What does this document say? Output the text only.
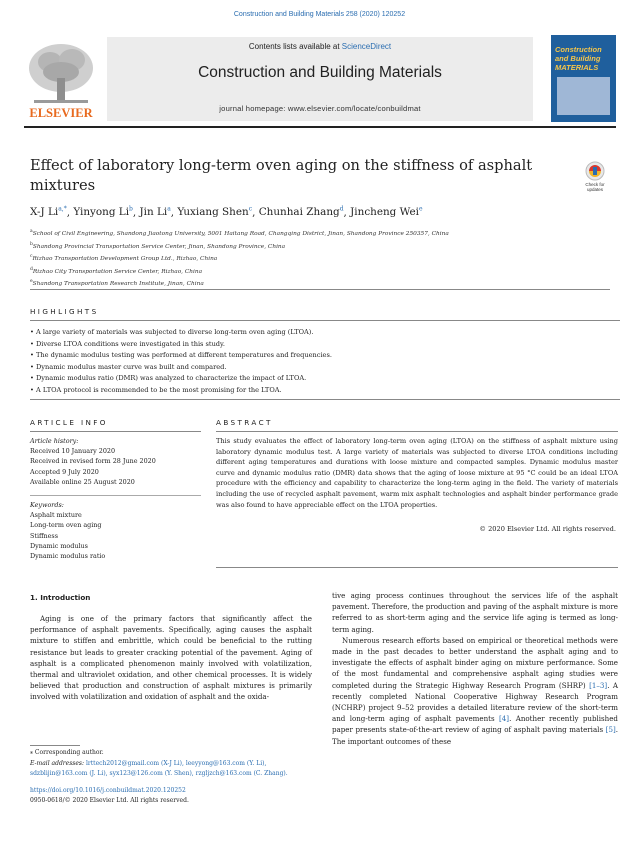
Construction and Building Materials 258 (2020) 120252
ELSEVIER
Contents lists available at ScienceDirect
Construction and Building Materials
journal homepage: www.elsevier.com/locate/conbuildmat
Construction and Building MATERIALS
Effect of laboratory long-term oven aging on the stiffness of asphalt mixtures	Check for updates
X-J $Li^{a,*}$, Yinyong Li$^b$, Jin Li$^a$, Yuxiang Shen$^c$, Chunhai Zhang$^d$, Jincheng Wei$^e$
$^a$School of Civil Engineering, Shandong Jiaotong University, 5001 Haitang Road, Changqing District, Jinan, Shandong Province 250357, China
$^b$Shandong Provincial Transportation Service Center, Jinan, Shandong Province, China
$^c$Rizhao Transportation Development Group Ltd., Rizhao, China
$^d$Rizhao City Transportation Service Center, Rizhao, China
$^e$Shandong Transportation Research Institute, Jinan, China
HIGHLIGHTS
• A large variety of materials was subjected to diverse long-term oven aging (LTOA).
• Diverse LTOA conditions were investigated in this study.
• The dynamic modulus testing was performed at different temperatures and frequencies.
• Dynamic modulus master curve was built and compared.
• Dynamic modulus ratio (DMR) was analyzed to characterize the impact of LTOA.
• A LTOA protocol is recommended to be the most promising for the LTOA.
ARTICLE INFO	ABSTRACT
Article history:
Received 10 January 2020
Received in revised form 28 June 2020
Accepted 9 July 2020
Available online 25 August 2020
Keywords:
Asphalt mixture
Long-term oven aging
Stiffness
Dynamic modulus
Dynamic modulus ratio
This study evaluates the effect of laboratory long-term oven aging (LTOA) on the stiffness of asphalt mixture using laboratory dynamic modulus test. A large variety of materials was subjected to diverse LTOA conditions including different aging temperatures and durations with loose mixture and compacted samples. Dynamic modulus master curve and dynamic modulus ratio (DMR) data shows that the aging of loose mixture at 95 °C could be an ideal LTOA procedure with the efficiency and capability to characterize the long-term aging in the field. The variety of materials including the use of recycled asphalt pavement, warm mix asphalt technologies and asphalt binder performance grade was also found to have appreciable effect on the LTOA properties.
© 2020 Elsevier Ltd. All rights reserved.
1. Introduction

Aging is one of the primary factors that significantly affect the performance of asphalt pavements. Specifically, aging causes the asphalt mixture to stiffen and embrittle, which could be beneficial to the rutting resistance but leads to greater cracking potential of the pavement. Aging of asphalt is a complicated phenomenon mainly involved with volatilization, thermal and ultraviolet oxidation, and other chemical processes. It is widely believed that production and construction of asphalt mixtures is primarily involved with volatilization and oxidation of asphalt and the oxida-

tive aging process continues throughout the services life of the asphalt pavement. Therefore, the production and paving of the asphalt mixture is more referred to as short-term aging and the service life aging is termed as long-term aging.

Numerous research efforts based on empirical or theoretical methods were made in the past decades to better understand the asphalt aging and to investigate the effects of asphalt binder aging on mixture performance. Some of the most fundamental and comprehensive asphalt aging studies were completed during the Strategic Highway Research Program (SHRP) [1–3]. A recently completed National Cooperative Highway Research Program (NCHRP) project 9–52 provides a detailed literature review of the short-term and long-term aging of asphalt pavements [4]. Another recently published paper presents state-of-the-art review of aging of asphalt paving materials [5]. The important outcomes of these

⁎ Corresponding author.
E-mail addresses: lrttech2012@gmail.com (X-J Li), leeyyong@163.com (Y. Li), sdzblijin@163.com (J. Li), syx123@126.com (Y. Shen), rzgljzch@163.com (C. Zhang).
https://doi.org/10.1016/j.conbuildmat.2020.120252
0950-0618/© 2020 Elsevier Ltd. All rights reserved.
